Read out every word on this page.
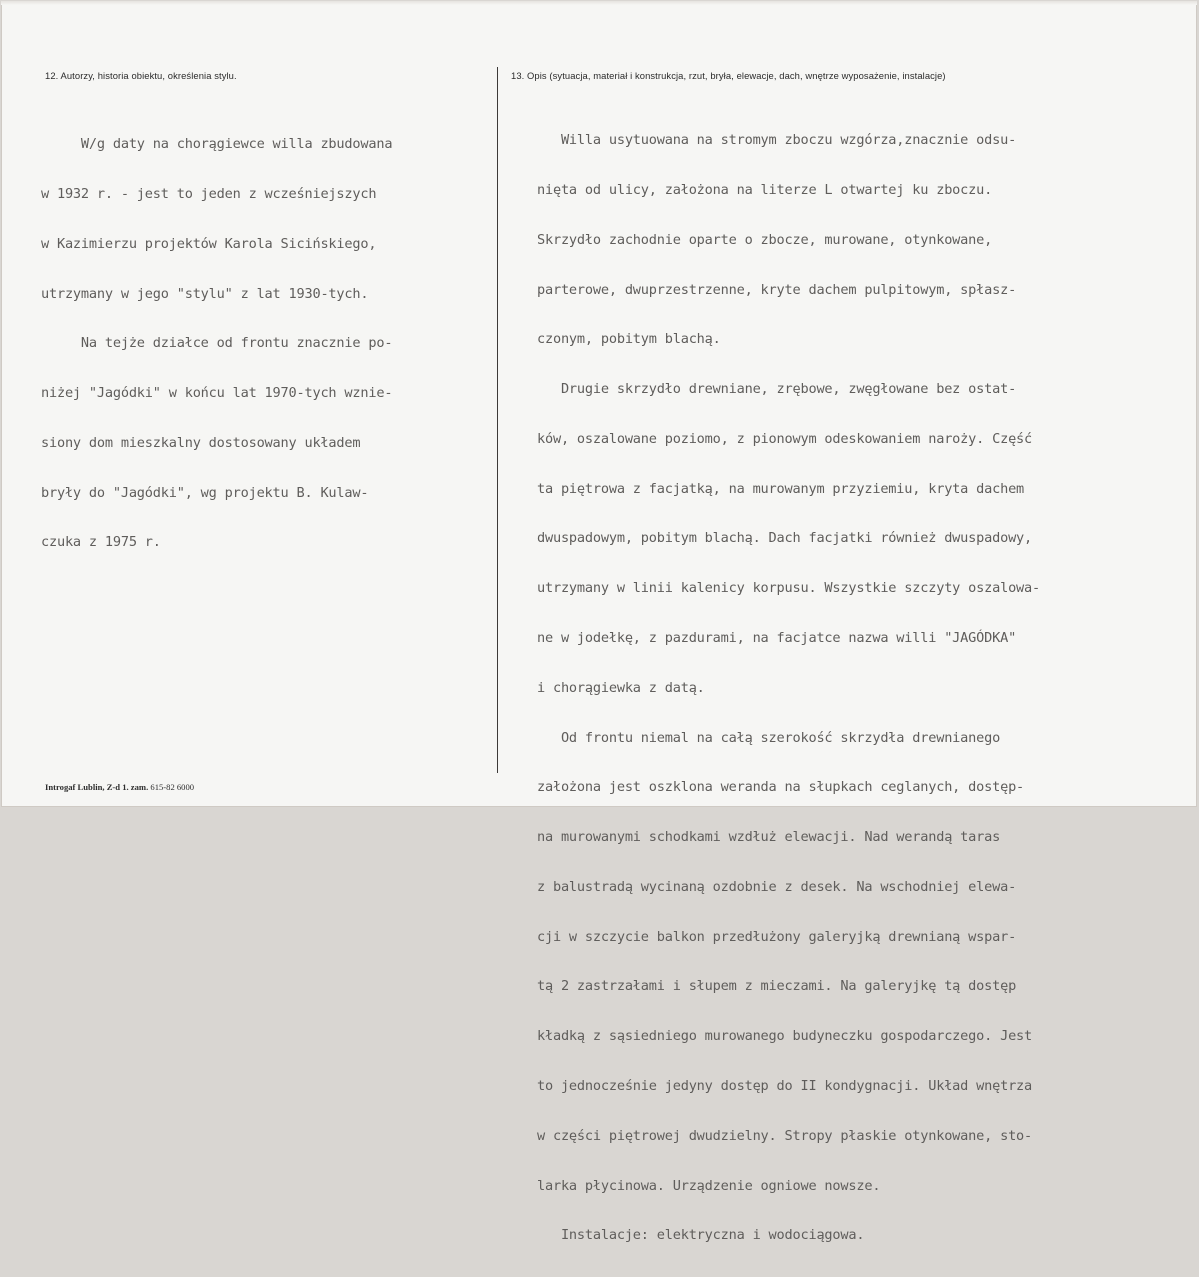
12. Autorzy, historia obiektu, określenia stylu.	13. Opis (sytuacja, materiał i konstrukcja, rzut, bryła, elewacje, dach, wnętrze wyposażenie, instalacje)

W/g daty na chorągiewce willa zbudowana

w 1932 r. - jest to jeden z wcześniejszych

w Kazimierzu projektów Karola Sicińskiego,

utrzymany w jego "stylu" z lat 1930-tych.

Na tejże działce od frontu znacznie po-

niżej "Jagódki" w końcu lat 1970-tych wznie-

siony dom mieszkalny dostosowany układem

bryły do "Jagódki", wg projektu B. Kulaw-

czuka z 1975 r.

Willa usytuowana na stromym zboczu wzgórza,znacznie odsu-

nięta od ulicy, założona na literze L otwartej ku zboczu.

Skrzydło zachodnie oparte o zbocze, murowane, otynkowane,

parterowe, dwuprzestrzenne, kryte dachem pulpitowym, spłasz-

czonym, pobitym blachą.

Drugie skrzydło drewniane, zrębowe, zwęgłowane bez ostat-

ków, oszalowane poziomo, z pionowym odeskowaniem naroży. Część

ta piętrowa z facjatką, na murowanym przyziemiu, kryta dachem

dwuspadowym, pobitym blachą. Dach facjatki również dwuspadowy,

utrzymany w linii kalenicy korpusu. Wszystkie szczyty oszalowa-

ne w jodełkę, z pazdurami, na facjatce nazwa willi "JAGÓDKA"

i chorągiewka z datą.

Od frontu niemal na całą szerokość skrzydła drewnianego

założona jest oszklona weranda na słupkach ceglanych, dostęp-

na murowanymi schodkami wzdłuż elewacji. Nad werandą taras

z balustradą wycinaną ozdobnie z desek. Na wschodniej elewa-

cji w szczycie balkon przedłużony galeryjką drewnianą wspar-

tą 2 zastrzałami i słupem z mieczami. Na galeryjkę tą dostęp

kładką z sąsiedniego murowanego budyneczku gospodarczego. Jest

to jednocześnie jedyny dostęp do II kondygnacji. Układ wnętrza

w części piętrowej dwudzielny. Stropy płaskie otynkowane, sto-

larka płycinowa. Urządzenie ogniowe nowsze.

Instalacje: elektryczna i wodociągowa.

Introgaf Lublin, Z-d 1. zam. 615-82 6000
